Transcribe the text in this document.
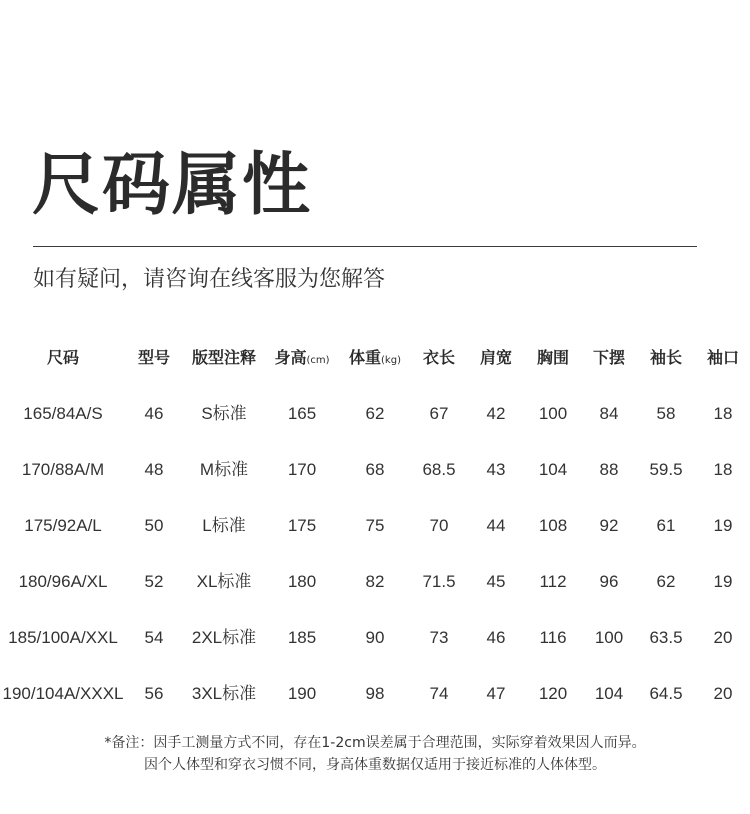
尺码属性
如有疑问，请咨询在线客服为您解答
尺码	型号 版型注释 身高(cm) 体重(kg) 衣长 肩宽 胸围 下摆 袖长 袖口
165/84A/S 46 S标准 165	62	67 42 100 84 58 18
170/88A/M 48 M标准 170	68 68.5 43 104 88 59.5 18
175/92A/L	50 L标准 175	75	70 44 108 92 61 19
180/96A/XL 52 XL标准 180	82 71.5 45 112 96 62 19
185/100A/XXL 54 2XL标准 185	90	73 46 116 100 63.5 20
190/104A/XXXL 56 3XL标准 190	98	74 47 120 104 64.5 20
*备注：因手工测量方式不同，存在1-2cm误差属于合理范围，实际穿着效果因人而异。
因个人体型和穿衣习惯不同，身高体重数据仅适用于接近标准的人体体型。
